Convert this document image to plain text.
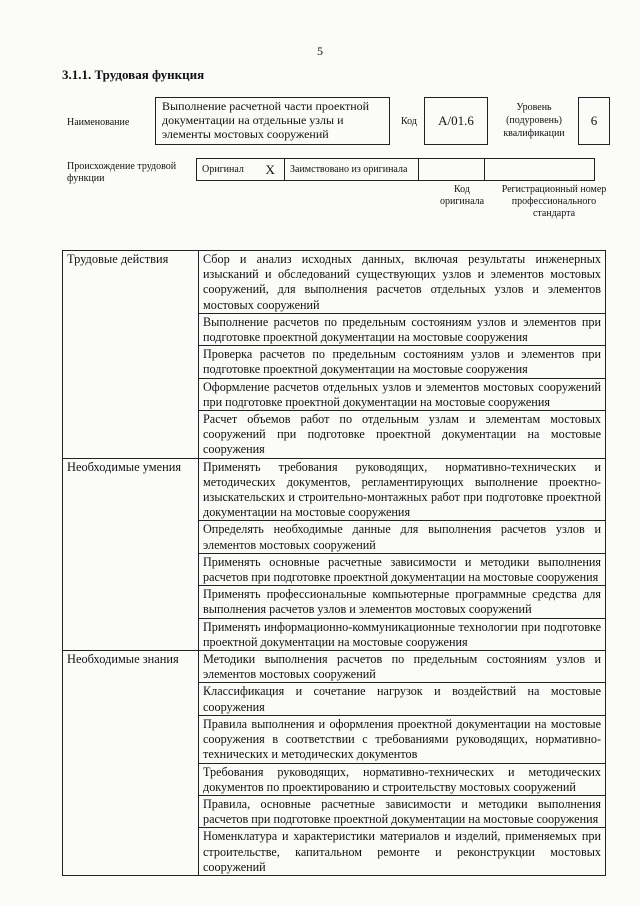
5
3.1.1. Трудовая функция
Наименование
Выполнение расчетной части проектной документации на отдельные узлы и элементы мостовых сооружений
Код	А/01.6
Уровень (подуровень) квалификации
6
Происхождение трудовой функции
Оригинал	X	Заимствовано из оригинала		
Код оригинала
Регистрационный номер профессионального стандарта
Трудовые действия	Сбор и анализ исходных данных, включая результаты инженерных изысканий и обследований существующих узлов и элементов мостовых сооружений, для выполнения расчетов отдельных узлов и элементов мостовых сооружений
	Выполнение расчетов по предельным состояниям узлов и элементов при подготовке проектной документации на мостовые сооружения
	Проверка расчетов по предельным состояниям узлов и элементов при подготовке проектной документации на мостовые сооружения
	Оформление расчетов отдельных узлов и элементов мостовых сооружений при подготовке проектной документации на мостовые сооружения
	Расчет объемов работ по отдельным узлам и элементам мостовых сооружений при подготовке проектной документации на мостовые сооружения
Необходимые умения	Применять требования руководящих, нормативно-технических и методических документов, регламентирующих выполнение проектно-изыскательских и строительно-монтажных работ при подготовке проектной документации на мостовые сооружения
	Определять необходимые данные для выполнения расчетов узлов и элементов мостовых сооружений
	Применять основные расчетные зависимости и методики выполнения расчетов при подготовке проектной документации на мостовые сооружения
	Применять профессиональные компьютерные программные средства для выполнения расчетов узлов и элементов мостовых сооружений
	Применять информационно-коммуникационные технологии при подготовке проектной документации на мостовые сооружения
Необходимые знания	Методики выполнения расчетов по предельным состояниям узлов и элементов мостовых сооружений
	Классификация и сочетание нагрузок и воздействий на мостовые сооружения
	Правила выполнения и оформления проектной документации на мостовые сооружения в соответствии с требованиями руководящих, нормативно-технических и методических документов
	Требования руководящих, нормативно-технических и методических документов по проектированию и строительству мостовых сооружений
	Правила, основные расчетные зависимости и методики выполнения расчетов при подготовке проектной документации на мостовые сооружения
	Номенклатура и характеристики материалов и изделий, применяемых при строительстве, капитальном ремонте и реконструкции мостовых сооружений
